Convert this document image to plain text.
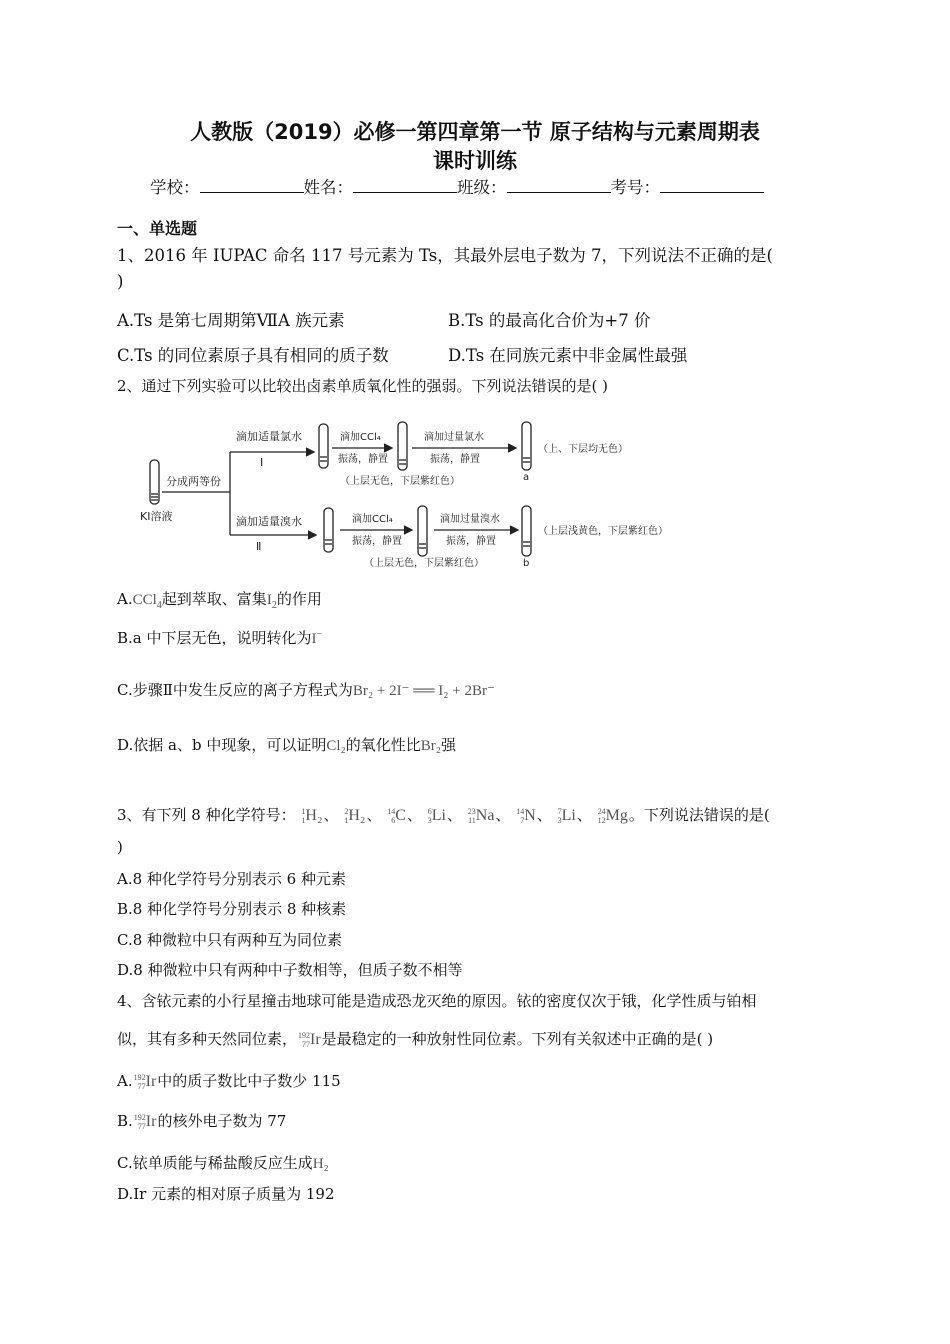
人教版（2019）必修一第四章第一节 原子结构与元素周期表
课时训练
学校：	姓名：	班级：	考号：
一、单选题
1、2016 年 IUPAC 命名 117 号元素为 Ts，其最外层电子数为 7，下列说法不正确的是(
)
A.Ts 是第七周期第ⅦA 族元素	B.Ts 的最高化合价为+7 价
C.Ts 的同位素原子具有相同的质子数	D.Ts 在同族元素中非金属性最强
2、通过下列实验可以比较出卤素单质氧化性的强弱。下列说法错误的是( )
KI溶液
分成两等份
滴加适量氯水
Ⅰ
滴加CCl₄
振荡，静置
（上层无色，下层紫红色）
滴加过量氯水
振荡，静置
（上、下层均无色）
a
滴加适量溴水
Ⅱ
滴加CCl₄
振荡，静置
（上层无色，下层紫红色）
滴加过量溴水
振荡，静置
（上层浅黄色，下层紫红色）
b
A.CCl$_4$起到萃取、富集$I_2$的作用
B.a 中下层无色，说明转化为I−
C.步骤Ⅱ中发生反应的离子方程式为Br₂ + 2I⁻ ══ I₂ + 2Br⁻
D.依据 a、b 中现象，可以证明Cl₂的氧化性比Br₂强
3、有下列 8 种化学符号： 1
1 H₂ 、 2
1 H₂ 、 14
6 C 、 6
3 Li 、 23
11 Na 、 14
7 N 、 7
3 Li 、 24
12 Mg 。下列说法错误的是(
)
A.8 种化学符号分别表示 6 种元素
B.8 种化学符号分别表示 8 种核素
C.8 种微粒中只有两种互为同位素
D.8 种微粒中只有两种中子数相等，但质子数不相等
4、含铱元素的小行星撞击地球可能是造成恐龙灭绝的原因。铱的密度仅次于锇，化学性质与铂相
似，其有多种天然同位素， 192
77 Ir 是最稳定的一种放射性同位素。下列有关叙述中正确的是( )
A. 192
77 Ir 中的质子数比中子数少 115
B. 192
77 Ir 的核外电子数为 77
C.铱单质能与稀盐酸反应生成H₂
D.Ir 元素的相对原子质量为 192
